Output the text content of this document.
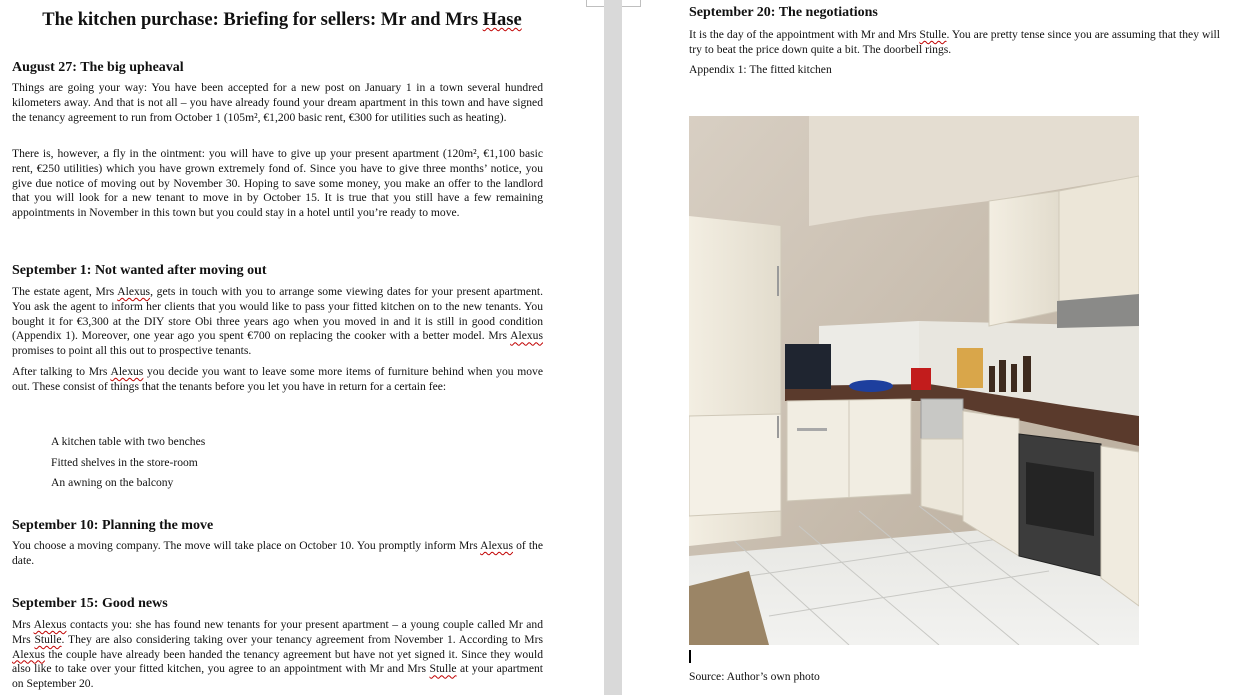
The kitchen purchase: Briefing for sellers: Mr and Mrs Hase
August 27: The big upheaval

Things are going your way: You have been accepted for a new post on January 1 in a town several hundred kilometers away. And that is not all – you have already found your dream apartment in this town and have signed the tenancy agreement to run from October 1 (105m², €1,200 basic rent, €300 for utilities such as heating).

There is, however, a fly in the ointment: you will have to give up your present apartment (120m², €1,100 basic rent, €250 utilities) which you have grown extremely fond of. Since you have to give three months’ notice, you give due notice of moving out by November 30. Hoping to save some money, you make an offer to the landlord that you will look for a new tenant to move in by October 15. It is true that you still have a few remaining appointments in November in this town but you could stay in a hotel until you’re ready to move.

September 1: Not wanted after moving out

The estate agent, Mrs Alexus, gets in touch with you to arrange some viewing dates for your present apartment. You ask the agent to inform her clients that you would like to pass your fitted kitchen on to the new tenants. You bought it for €3,300 at the DIY store Obi three years ago when you moved in and it is still in good condition (Appendix 1). Moreover, one year ago you spent €700 on replacing the cooker with a better model. Mrs Alexus promises to point all this out to prospective tenants.

After talking to Mrs Alexus you decide you want to leave some more items of furniture behind when you move out. These consist of things that the tenants before you let you have in return for a certain fee:

A kitchen table with two benches

Fitted shelves in the store-room

An awning on the balcony

September 10: Planning the move

You choose a moving company. The move will take place on October 10. You promptly inform Mrs Alexus of the date.

September 15: Good news

Mrs Alexus contacts you: she has found new tenants for your present apartment – a young couple called Mr and Mrs Stulle. They are also considering taking over your tenancy agreement from November 1. According to Mrs Alexus the couple have already been handed the tenancy agreement but have not yet signed it. Since they would also like to take over your fitted kitchen, you agree to an appointment with Mr and Mrs Stulle at your apartment on September 20.

September 20: The negotiations

It is the day of the appointment with Mr and Mrs Stulle. You are pretty tense since you are assuming that they will try to beat the price down quite a bit. The doorbell rings.

Appendix 1: The fitted kitchen

Source: Author’s own photo
